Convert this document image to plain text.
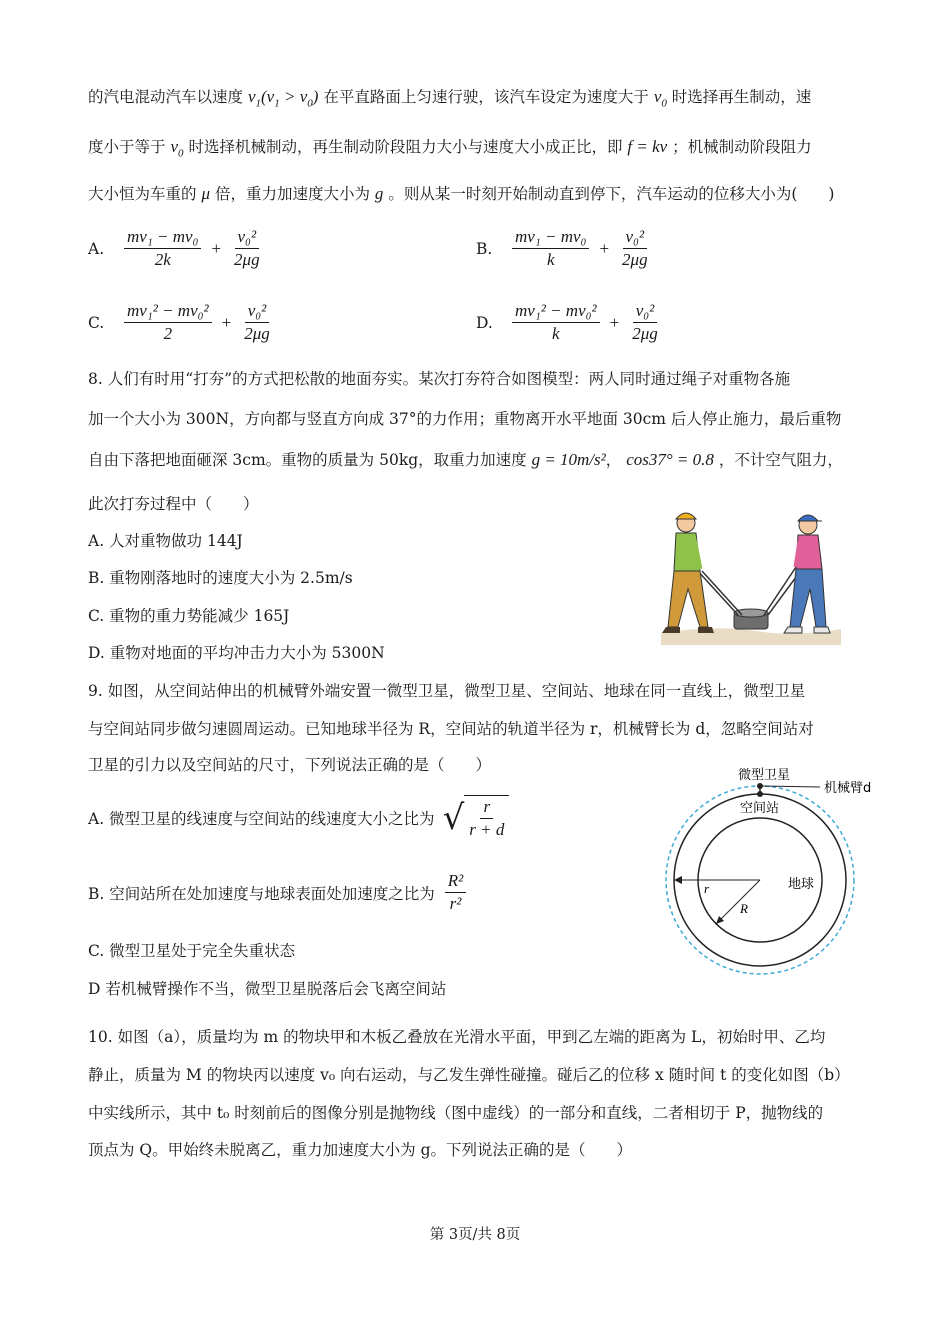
的汽电混动汽车以速度 $v_1(v_1 > v_0)$ 在平直路面上匀速行驶，该汽车设定为速度大于 $v_0$ 时选择再生制动，速
度小于等于 $v_0$ 时选择机械制动，再生制动阶段阻力大小与速度大小成正比，即 f = kv ；机械制动阶段阻力
大小恒为车重的 μ 倍，重力加速度大小为 g 。则从某一时刻开始制动直到停下，汽车运动的位移大小为(　　)
A.	$\frac{\text{mv₁ − mv₀}}{2k} + \frac{\text{v₀²}}{2\mu g}$	B.	$\frac{\text{mv₁ − mv₀}}{k} + \frac{\text{v₀²}}{2\mu g}$
C.	$\frac{\text{mv₁² − mv₀²}}{2} + \frac{\text{v₀²}}{2\mu g}$	D.	$\frac{\text{mv₁² − mv₀²}}{k} + \frac{\text{v₀²}}{2\mu g}$
8. 人们有时用“打夯”的方式把松散的地面夯实。某次打夯符合如图模型：两人同时通过绳子对重物各施
加一个大小为 300N，方向都与竖直方向成 37°的力作用；重物离开水平地面 30cm 后人停止施力，最后重物
自由下落把地面砸深 3cm。重物的质量为 50kg，取重力加速度 g = 10m/s²， cos37° = 0.8 ，不计空气阻力，
此次打夯过程中（　　）
A. 人对重物做功 144J
B. 重物刚落地时的速度大小为 2.5m/s
C. 重物的重力势能减少 165J
D. 重物对地面的平均冲击力大小为 5300N
9. 如图，从空间站伸出的机械臂外端安置一微型卫星，微型卫星、空间站、地球在同一直线上，微型卫星
与空间站同步做匀速圆周运动。已知地球半径为 R，空间站的轨道半径为 r，机械臂长为 d，忽略空间站对
卫星的引力以及空间站的尺寸，下列说法正确的是（　　）
A. 微型卫星的线速度与空间站的线速度大小之比为 √ $\frac{r}{r + d}$
B. 空间站所在处加速度与地球表面处加速度之比为 $\frac{\text{R²}}{\text{r²}}$
C. 微型卫星处于完全失重状态
D 若机械臂操作不当，微型卫星脱落后会飞离空间站
微型卫星
机械臂d
空间站
地球
r
R
10. 如图（a），质量均为 m 的物块甲和木板乙叠放在光滑水平面，甲到乙左端的距离为 L，初始时甲、乙均
静止，质量为 M 的物块丙以速度 v₀ 向右运动，与乙发生弹性碰撞。碰后乙的位移 x 随时间 t 的变化如图（b）
中实线所示，其中 t₀ 时刻前后的图像分别是抛物线（图中虚线）的一部分和直线，二者相切于 P，抛物线的
顶点为 Q。甲始终未脱离乙，重力加速度大小为 g。下列说法正确的是（　　）
第 3页/共 8页
